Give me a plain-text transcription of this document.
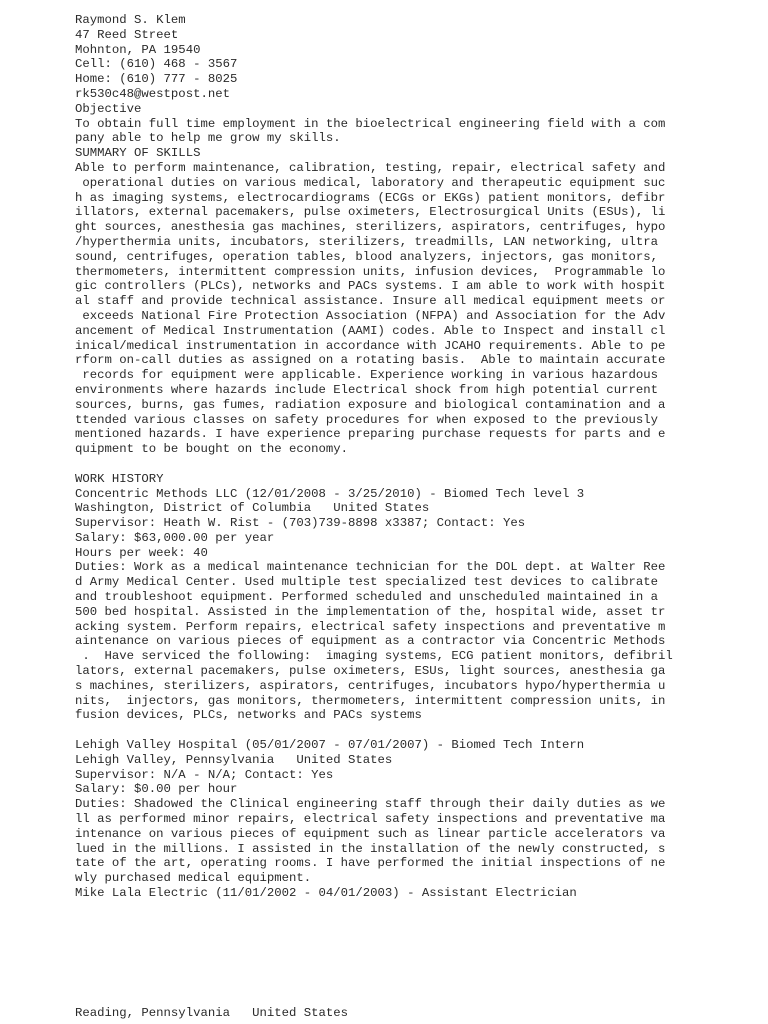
Raymond S. Klem
47 Reed Street
Mohnton, PA 19540
Cell: (610) 468 - 3567
Home: (610) 777 - 8025
rk530c48@westpost.net
Objective
To obtain full time employment in the bioelectrical engineering field with a com
pany able to help me grow my skills.
SUMMARY OF SKILLS
Able to perform maintenance, calibration, testing, repair, electrical safety and
operational duties on various medical, laboratory and therapeutic equipment suc
h as imaging systems, electrocardiograms (ECGs or EKGs) patient monitors, defibr
illators, external pacemakers, pulse oximeters, Electrosurgical Units (ESUs), li
ght sources, anesthesia gas machines, sterilizers, aspirators, centrifuges, hypo
/hyperthermia units, incubators, sterilizers, treadmills, LAN networking, ultra
sound, centrifuges, operation tables, blood analyzers, injectors, gas monitors,
thermometers, intermittent compression units, infusion devices,  Programmable lo
gic controllers (PLCs), networks and PACs systems. I am able to work with hospit
al staff and provide technical assistance. Insure all medical equipment meets or
exceeds National Fire Protection Association (NFPA) and Association for the Adv
ancement of Medical Instrumentation (AAMI) codes. Able to Inspect and install cl
inical/medical instrumentation in accordance with JCAHO requirements. Able to pe
rform on-call duties as assigned on a rotating basis.  Able to maintain accurate
records for equipment were applicable. Experience working in various hazardous
environments where hazards include Electrical shock from high potential current
sources, burns, gas fumes, radiation exposure and biological contamination and a
ttended various classes on safety procedures for when exposed to the previously
mentioned hazards. I have experience preparing purchase requests for parts and e
quipment to be bought on the economy.
WORK HISTORY
Concentric Methods LLC (12/01/2008 - 3/25/2010) - Biomed Tech level 3
Washington, District of Columbia   United States
Supervisor: Heath W. Rist - (703)739-8898 x3387; Contact: Yes
Salary: $63,000.00 per year
Hours per week: 40
Duties: Work as a medical maintenance technician for the DOL dept. at Walter Ree
d Army Medical Center. Used multiple test specialized test devices to calibrate
and troubleshoot equipment. Performed scheduled and unscheduled maintained in a
500 bed hospital. Assisted in the implementation of the, hospital wide, asset tr
acking system. Perform repairs, electrical safety inspections and preventative m
aintenance on various pieces of equipment as a contractor via Concentric Methods
.  Have serviced the following:  imaging systems, ECG patient monitors, defibril
lators, external pacemakers, pulse oximeters, ESUs, light sources, anesthesia ga
s machines, sterilizers, aspirators, centrifuges, incubators hypo/hyperthermia u
nits,  injectors, gas monitors, thermometers, intermittent compression units, in
fusion devices, PLCs, networks and PACs systems
Lehigh Valley Hospital (05/01/2007 - 07/01/2007) - Biomed Tech Intern
Lehigh Valley, Pennsylvania   United States
Supervisor: N/A - N/A; Contact: Yes
Salary: $0.00 per hour
Duties: Shadowed the Clinical engineering staff through their daily duties as we
ll as performed minor repairs, electrical safety inspections and preventative ma
intenance on various pieces of equipment such as linear particle accelerators va
lued in the millions. I assisted in the installation of the newly constructed, s
tate of the art, operating rooms. I have performed the initial inspections of ne
wly purchased medical equipment.
Mike Lala Electric (11/01/2002 - 04/01/2003) - Assistant Electrician
Reading, Pennsylvania   United States
